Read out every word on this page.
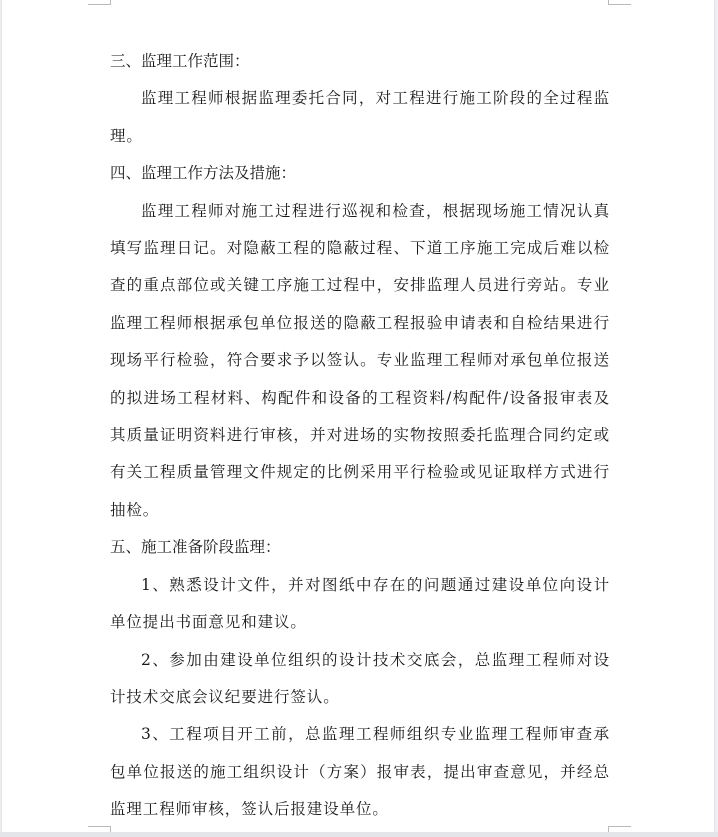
三、监理工作范围：

监理工程师根据监理委托合同，对工程进行施工阶段的全过程监理。

四、监理工作方法及措施：

监理工程师对施工过程进行巡视和检查，根据现场施工情况认真填写监理日记。对隐蔽工程的隐蔽过程、下道工序施工完成后难以检查的重点部位或关键工序施工过程中，安排监理人员进行旁站。专业监理工程师根据承包单位报送的隐蔽工程报验申请表和自检结果进行现场平行检验，符合要求予以签认。专业监理工程师对承包单位报送的拟进场工程材料、构配件和设备的工程资料/构配件/设备报审表及其质量证明资料进行审核，并对进场的实物按照委托监理合同约定或有关工程质量管理文件规定的比例采用平行检验或见证取样方式进行抽检。

五、施工准备阶段监理：

1、熟悉设计文件，并对图纸中存在的问题通过建设单位向设计单位提出书面意见和建议。

2、参加由建设单位组织的设计技术交底会，总监理工程师对设计技术交底会议纪要进行签认。

3、工程项目开工前，总监理工程师组织专业监理工程师审查承包单位报送的施工组织设计（方案）报审表，提出审查意见，并经总监理工程师审核，签认后报建设单位。
